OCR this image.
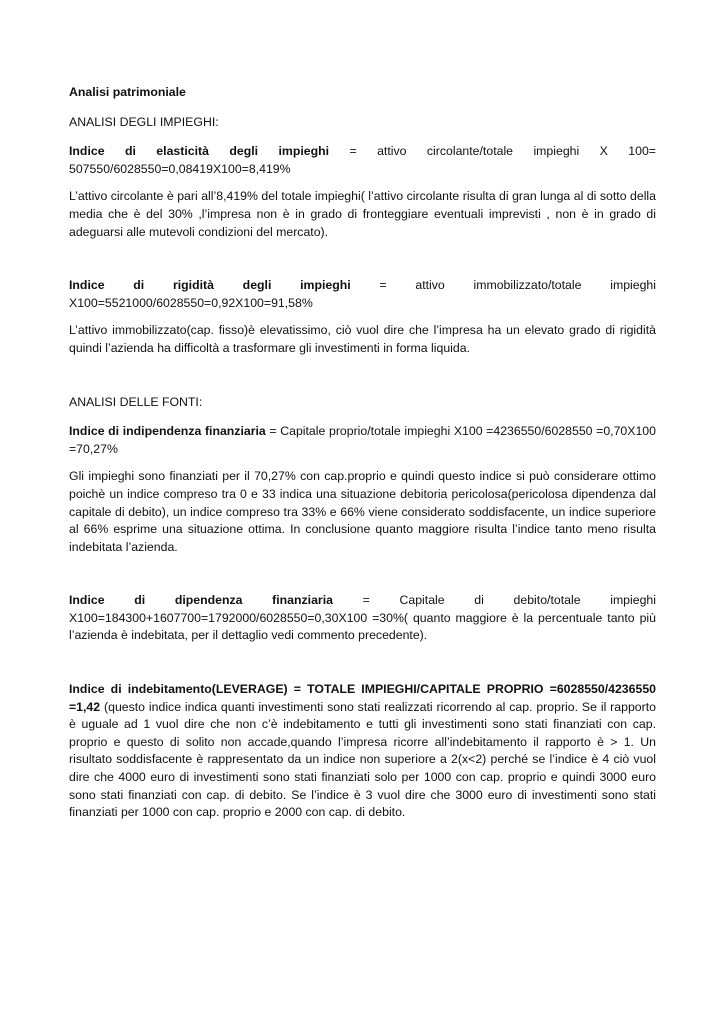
Analisi patrimoniale

ANALISI DEGLI IMPIEGHI:

Indice di elasticità degli impieghi = attivo circolante/totale impieghi X 100= 507550/6028550=0,08419X100=8,419%

L’attivo circolante è pari all’8,419% del totale impieghi( l’attivo circolante risulta di gran lunga al di sotto della media che è del 30% ,l’impresa non è in grado di fronteggiare eventuali imprevisti , non è in grado di adeguarsi alle mutevoli condizioni del mercato).

Indice di rigidità degli impieghi = attivo immobilizzato/totale impieghi X100=5521000/6028550=0,92X100=91,58%

L’attivo immobilizzato(cap. fisso)è elevatissimo, ciò vuol dire che l’impresa ha un elevato grado di rigidità quindi l’azienda ha difficoltà a trasformare gli investimenti in forma liquida.

ANALISI DELLE FONTI:

Indice di indipendenza finanziaria = Capitale proprio/totale impieghi X100 =4236550/6028550 =0,70X100 =70,27%

Gli impieghi sono finanziati per il 70,27% con cap.proprio e quindi questo indice si può considerare ottimo poichè un indice compreso tra 0 e 33 indica una situazione debitoria pericolosa(pericolosa dipendenza dal capitale di debito), un indice compreso tra 33% e 66% viene considerato soddisfacente, un indice superiore al 66% esprime una situazione ottima. In conclusione quanto maggiore risulta l’indice tanto meno risulta indebitata l’azienda.

Indice di dipendenza finanziaria = Capitale di debito/totale impieghi X100=184300+1607700=1792000/6028550=0,30X100 =30%( quanto maggiore è la percentuale tanto più l’azienda è indebitata, per il dettaglio vedi commento precedente).

Indice di indebitamento(LEVERAGE) = TOTALE IMPIEGHI/CAPITALE PROPRIO =6028550/4236550 =1,42 (questo indice indica quanti investimenti sono stati realizzati ricorrendo al cap. proprio. Se il rapporto è uguale ad 1 vuol dire che non c’è indebitamento e tutti gli investimenti sono stati finanziati con cap. proprio e questo di solito non accade,quando l’impresa ricorre all’indebitamento il rapporto è > 1. Un risultato soddisfacente è rappresentato da un indice non superiore a 2(x<2) perché se l’indice è 4 ciò vuol dire che 4000 euro di investimenti sono stati finanziati solo per 1000 con cap. proprio e quindi 3000 euro sono stati finanziati con cap. di debito. Se l’indice è 3 vuol dire che 3000 euro di investimenti sono stati finanziati per 1000 con cap. proprio e 2000 con cap. di debito.
